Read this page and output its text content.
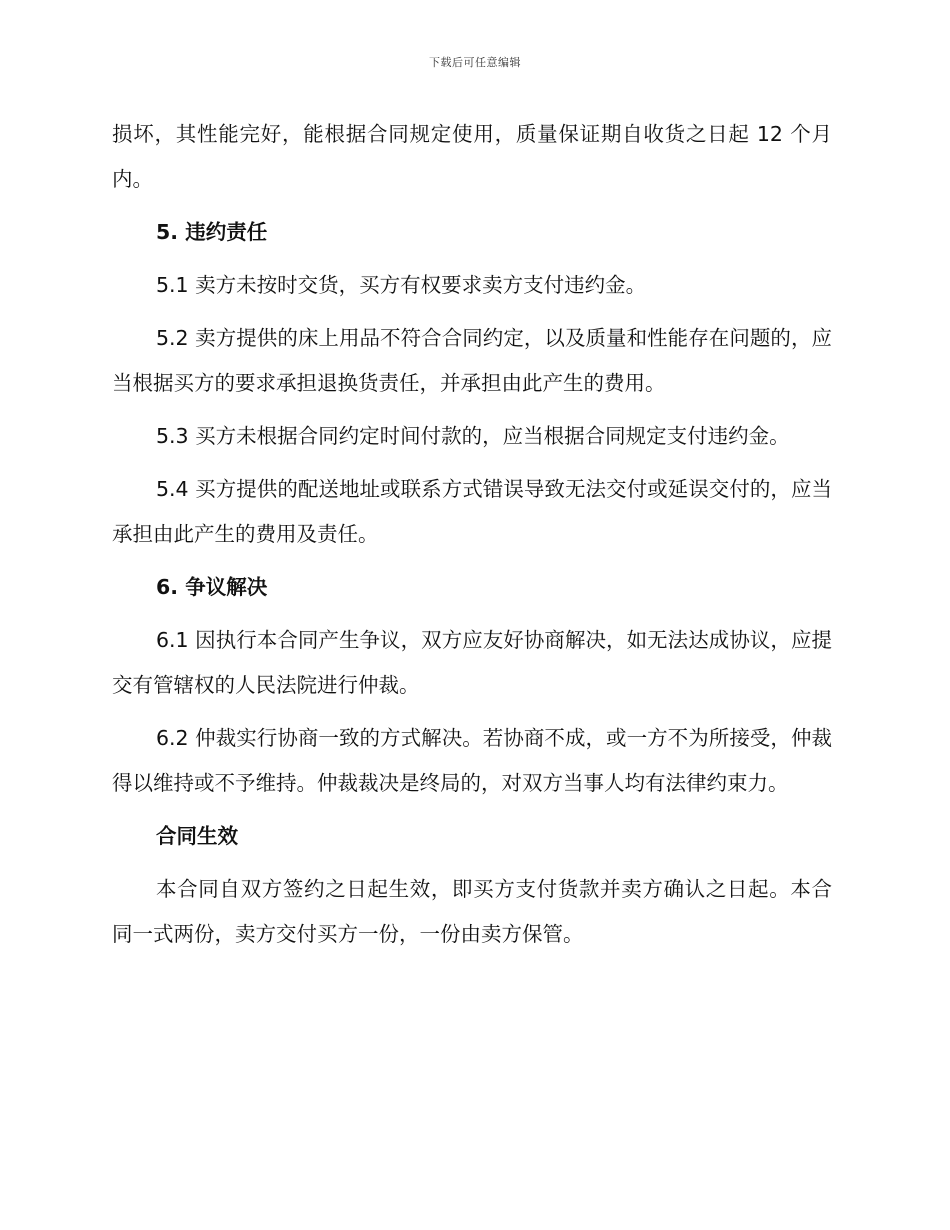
下载后可任意编辑

损坏，其性能完好，能根据合同规定使用，质量保证期自收货之日起 12 个月内。

5. 违约责任

5.1 卖方未按时交货，买方有权要求卖方支付违约金。

5.2 卖方提供的床上用品不符合合同约定，以及质量和性能存在问题的，应当根据买方的要求承担退换货责任，并承担由此产生的费用。

5.3 买方未根据合同约定时间付款的，应当根据合同规定支付违约金。

5.4 买方提供的配送地址或联系方式错误导致无法交付或延误交付的，应当承担由此产生的费用及责任。

6. 争议解决

6.1 因执行本合同产生争议，双方应友好协商解决，如无法达成协议，应提交有管辖权的人民法院进行仲裁。

6.2 仲裁实行协商一致的方式解决。若协商不成，或一方不为所接受，仲裁得以维持或不予维持。仲裁裁决是终局的，对双方当事人均有法律约束力。

合同生效

本合同自双方签约之日起生效，即买方支付货款并卖方确认之日起。本合同一式两份，卖方交付买方一份，一份由卖方保管。
